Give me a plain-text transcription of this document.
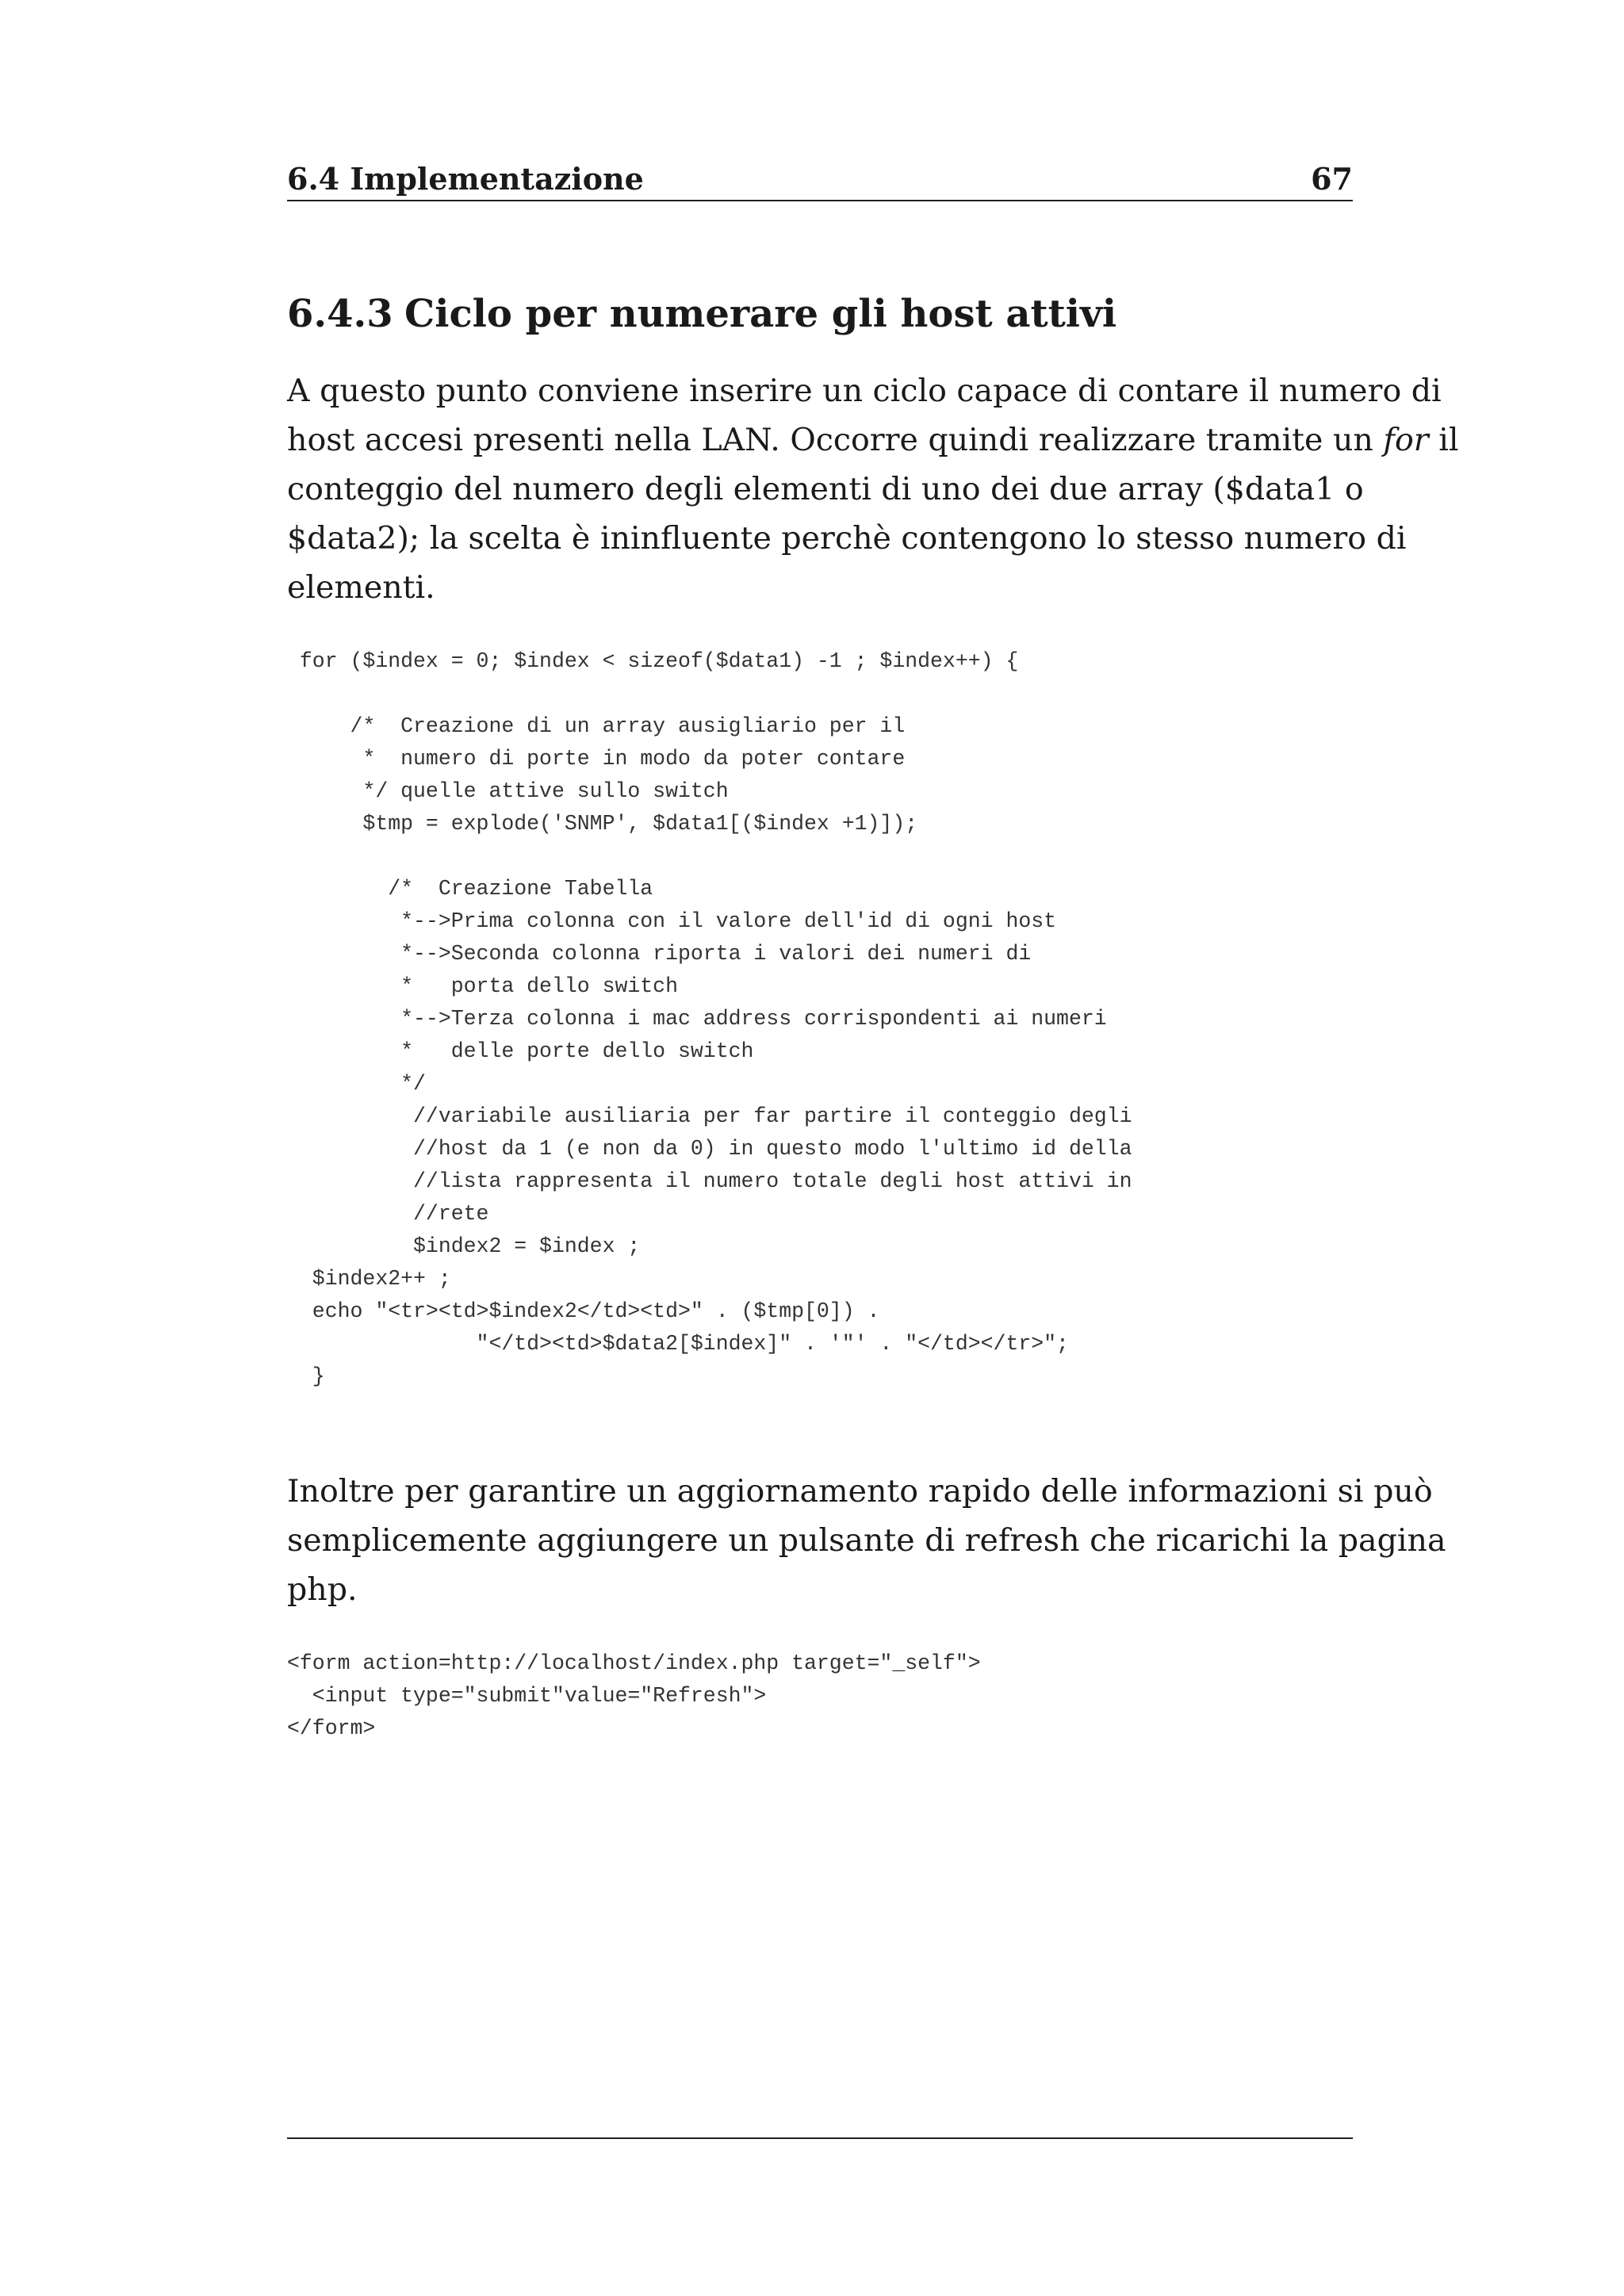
6.4 Implementazione	67
6.4.3 Ciclo per numerare gli host attivi
A questo punto conviene inserire un ciclo capace di contare il numero di
host accesi presenti nella LAN. Occorre quindi realizzare tramite un for il
conteggio del numero degli elementi di uno dei due array ($data1 o
$data2); la scelta è ininfluente perchè contengono lo stesso numero di
elementi.
for ($index = 0; $index < sizeof($data1) -1 ; $index++) {
/*  Creazione di un array ausigliario per il
*  numero di porte in modo da poter contare
*/ quelle attive sullo switch
$tmp = explode('SNMP', $data1[($index +1)]);
/*  Creazione Tabella
*-->Prima colonna con il valore dell'id di ogni host
*-->Seconda colonna riporta i valori dei numeri di
*   porta dello switch
*-->Terza colonna i mac address corrispondenti ai numeri
*   delle porte dello switch
*/
//variabile ausiliaria per far partire il conteggio degli
//host da 1 (e non da 0) in questo modo l'ultimo id della
//lista rappresenta il numero totale degli host attivi in
//rete
$index2 = $index ;
$index2++ ;
echo "<tr><td>$index2</td><td>" . ($tmp[0]) .
"</td><td>$data2[$index]" . '"' . "</td></tr>";
}
Inoltre per garantire un aggiornamento rapido delle informazioni si può
semplicemente aggiungere un pulsante di refresh che ricarichi la pagina
php.
<form action=http://localhost/index.php target="_self">
<input type="submit"value="Refresh">
</form>
